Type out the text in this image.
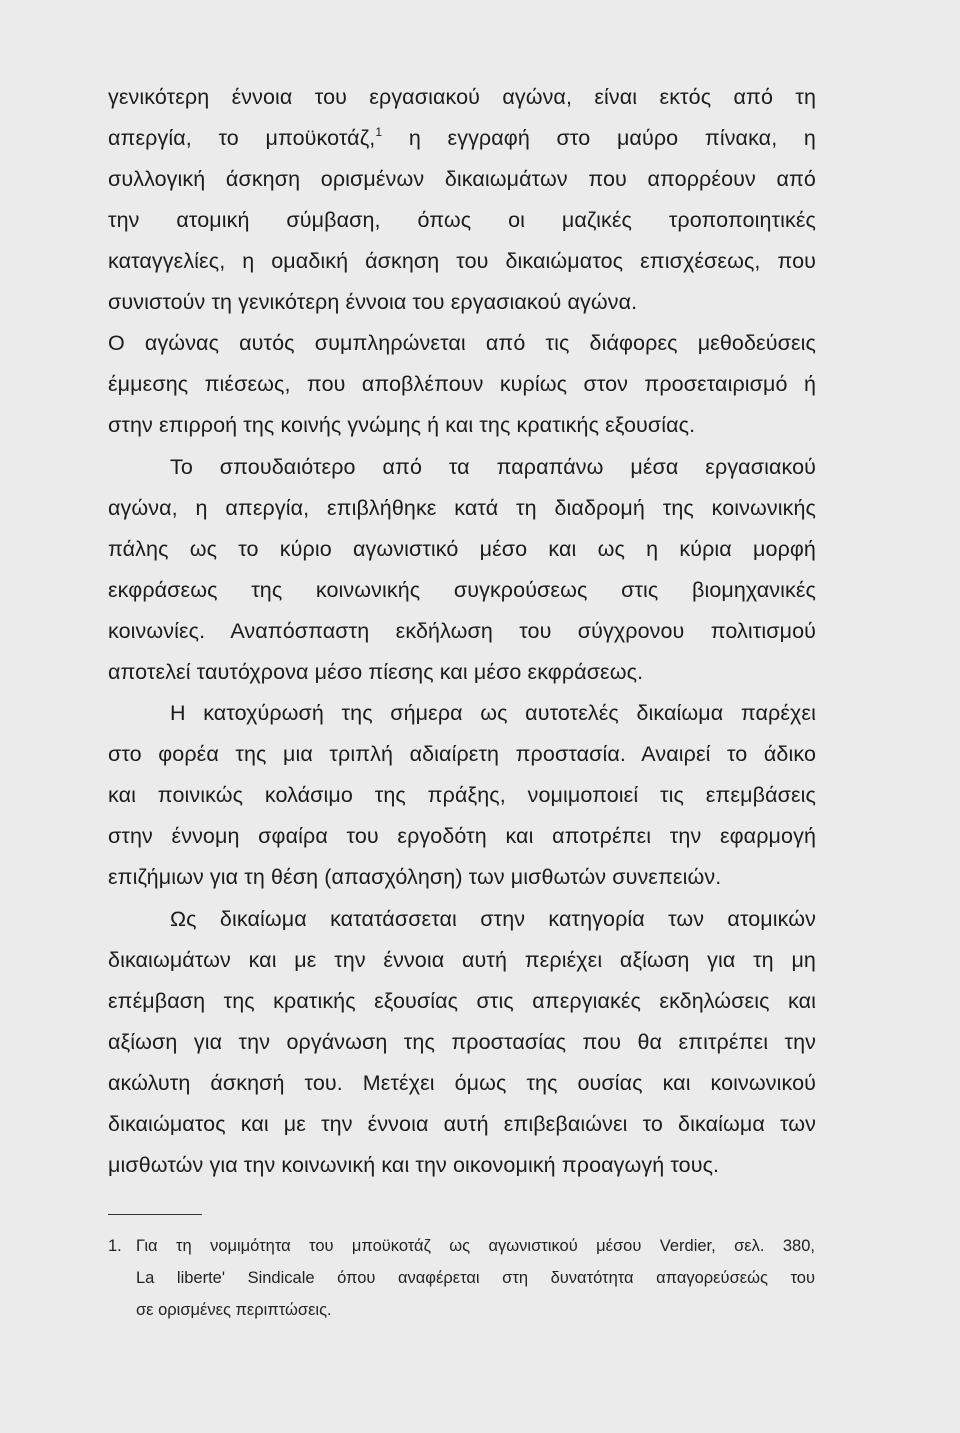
γενικότερη έννοια του εργασιακού αγώνα, είναι εκτός από τη
απεργία, το μποϋκοτάζ,$^1$ η εγγραφή στο μαύρο πίνακα, η
συλλογική άσκηση ορισμένων δικαιωμάτων που απορρέουν από
την ατομική σύμβαση, όπως οι μαζικές τροποποιητικές
καταγγελίες, η ομαδική άσκηση του δικαιώματος επισχέσεως, που
συνιστούν τη γενικότερη έννοια του εργασιακού αγώνα.
Ο αγώνας αυτός συμπληρώνεται από τις διάφορες μεθοδεύσεις
έμμεσης πιέσεως, που αποβλέπουν κυρίως στον προσεταιρισμό ή
στην επιρροή της κοινής γνώμης ή και της κρατικής εξουσίας.
Το σπουδαιότερο από τα παραπάνω μέσα εργασιακού
αγώνα, η απεργία, επιβλήθηκε κατά τη διαδρομή της κοινωνικής
πάλης ως το κύριο αγωνιστικό μέσο και ως η κύρια μορφή
εκφράσεως της κοινωνικής συγκρούσεως στις βιομηχανικές
κοινωνίες. Αναπόσπαστη εκδήλωση του σύγχρονου πολιτισμού
αποτελεί ταυτόχρονα μέσο πίεσης και μέσο εκφράσεως.
Η κατοχύρωσή της σήμερα ως αυτοτελές δικαίωμα παρέχει
στο φορέα της μια τριπλή αδιαίρετη προστασία. Αναιρεί το άδικο
και ποινικώς κολάσιμο της πράξης, νομιμοποιεί τις επεμβάσεις
στην έννομη σφαίρα του εργοδότη και αποτρέπει την εφαρμογή
επιζήμιων για τη θέση (απασχόληση) των μισθωτών συνεπειών.
Ως δικαίωμα κατατάσσεται στην κατηγορία των ατομικών
δικαιωμάτων και με την έννοια αυτή περιέχει αξίωση για τη μη
επέμβαση της κρατικής εξουσίας στις απεργιακές εκδηλώσεις και
αξίωση για την οργάνωση της προστασίας που θα επιτρέπει την
ακώλυτη άσκησή του. Μετέχει όμως της ουσίας και κοινωνικού
δικαιώματος και με την έννοια αυτή επιβεβαιώνει το δικαίωμα των
μισθωτών για την κοινωνική και την οικονομική προαγωγή τους.
1. Για τη νομιμότητα του μποϋκοτάζ ως αγωνιστικού μέσου Verdier, σελ. 380,
La liberte' Sindicale όπου αναφέρεται στη δυνατότητα απαγορεύσεώς του
σε ορισμένες περιπτώσεις.
